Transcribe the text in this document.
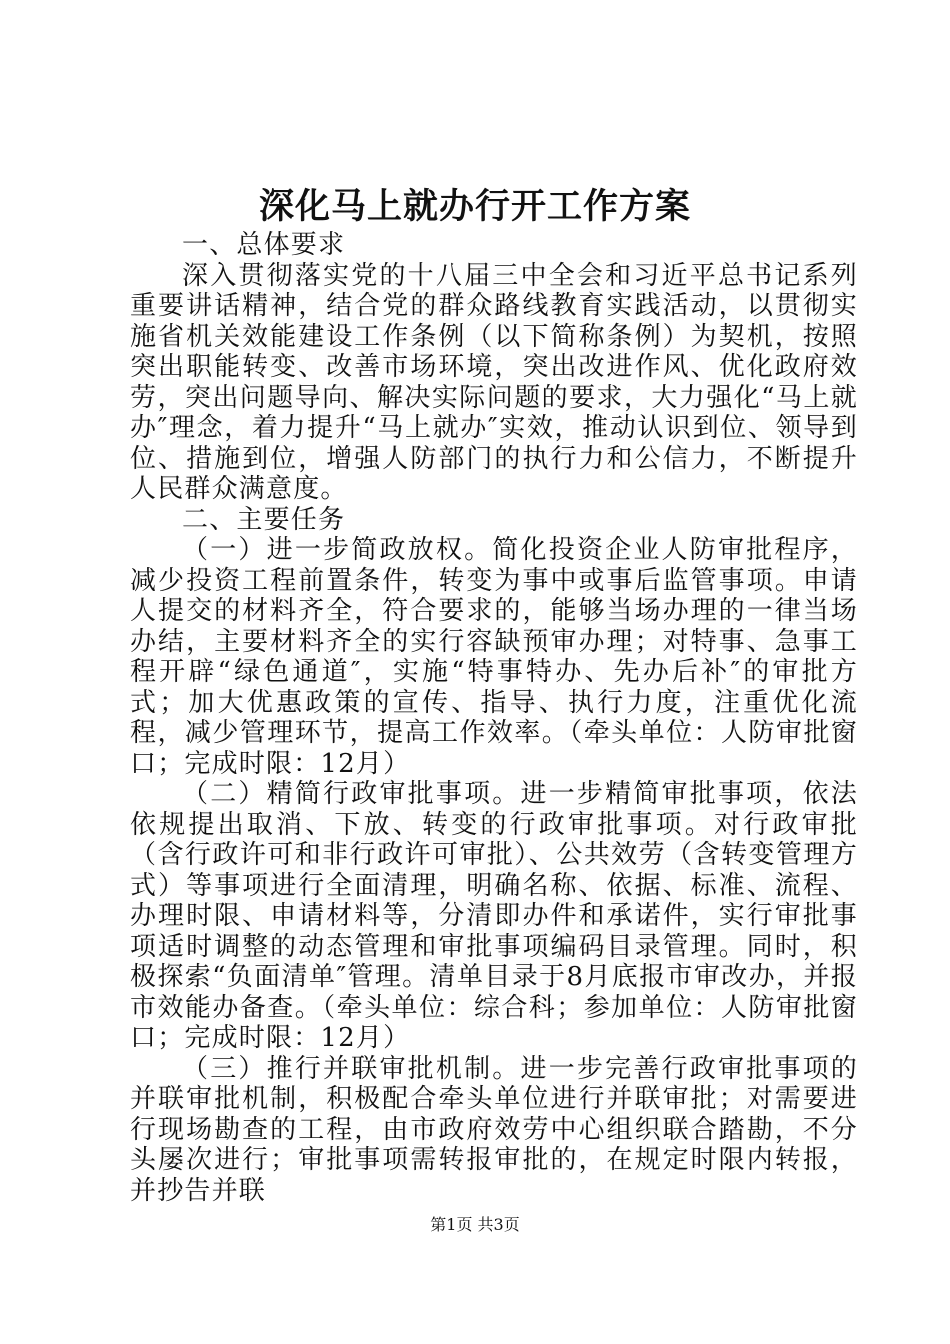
深化马上就办行开工作方案

一、总体要求

深入贯彻落实党的十八届三中全会和习近平总书记系列重要讲话精神，结合党的群众路线教育实践活动，以贯彻实施省机关效能建设工作条例（以下简称条例）为契机，按照突出职能转变、改善市场环境，突出改进作风、优化政府效劳，突出问题导向、解决实际问题的要求，大力强化“马上就办″理念，着力提升“马上就办″实效，推动认识到位、领导到位、措施到位，增强人防部门的执行力和公信力，不断提升人民群众满意度。

二、主要任务

（一）进一步简政放权。简化投资企业人防审批程序，减少投资工程前置条件，转变为事中或事后监管事项。申请人提交的材料齐全，符合要求的，能够当场办理的一律当场办结，主要材料齐全的实行容缺预审办理；对特事、急事工程开辟“绿色通道″，实施“特事特办、先办后补″的审批方式；加大优惠政策的宣传、指导、执行力度，注重优化流程，减少管理环节，提高工作效率。（牵头单位：人防审批窗口；完成时限：12月）

（二）精简行政审批事项。进一步精简审批事项，依法依规提出取消、下放、转变的行政审批事项。对行政审批（含行政许可和非行政许可审批）、公共效劳（含转变管理方式）等事项进行全面清理，明确名称、依据、标准、流程、办理时限、申请材料等，分清即办件和承诺件，实行审批事项适时调整的动态管理和审批事项编码目录管理。同时，积极探索“负面清单″管理。清单目录于8月底报市审改办，并报市效能办备查。（牵头单位：综合科；参加单位：人防审批窗口；完成时限：12月）

（三）推行并联审批机制。进一步完善行政审批事项的并联审批机制，积极配合牵头单位进行并联审批；对需要进行现场勘查的工程，由市政府效劳中心组织联合踏勘，不分头屡次进行；审批事项需转报审批的，在规定时限内转报，并抄告并联

第1页 共3页
